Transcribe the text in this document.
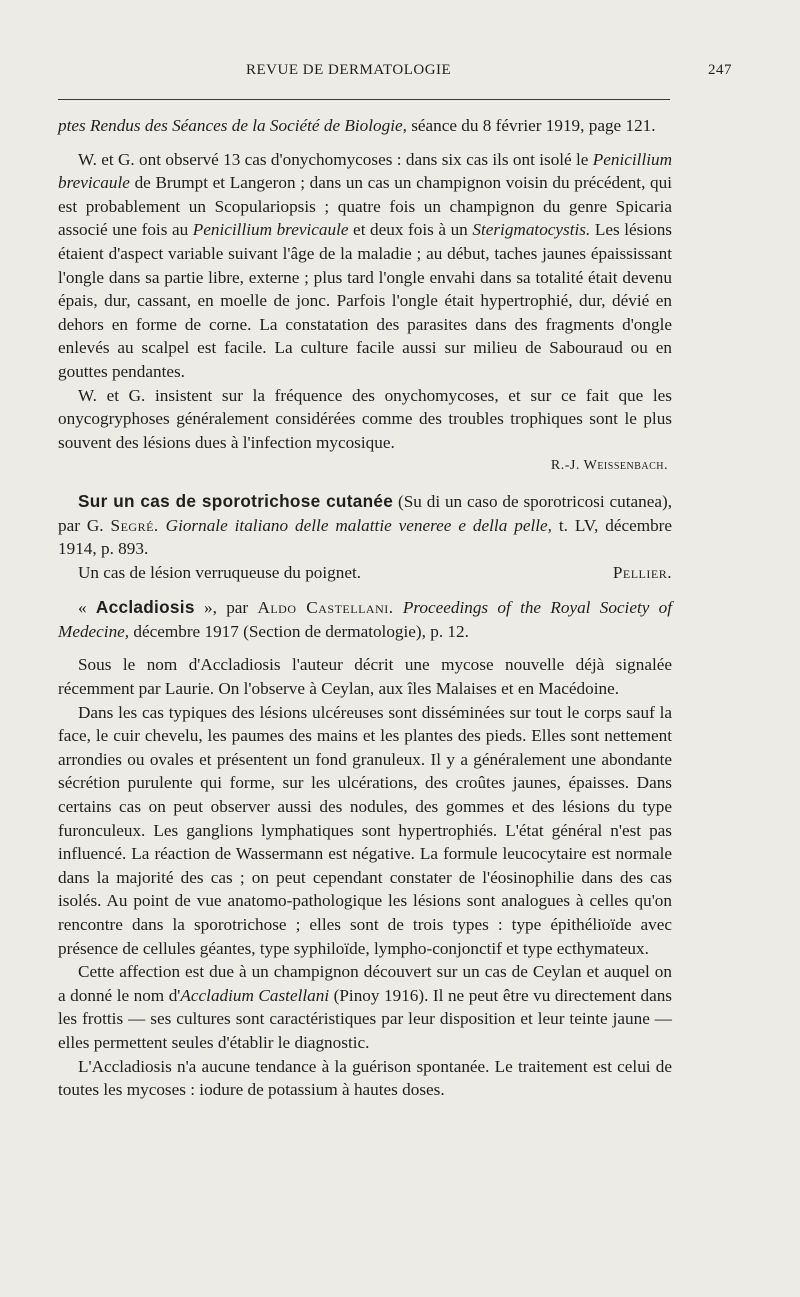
REVUE DE DERMATOLOGIE	247

ptes Rendus des Séances de la Société de Biologie, séance du 8 février 1919, page 121.

W. et G. ont observé 13 cas d'onychomycoses : dans six cas ils ont isolé le Penicillium brevicaule de Brumpt et Langeron ; dans un cas un champignon voisin du précédent, qui est probablement un Scopulariopsis ; quatre fois un champignon du genre Spicaria associé une fois au Penicillium brevicaule et deux fois à un Sterigmatocystis. Les lésions étaient d'aspect variable suivant l'âge de la maladie ; au début, taches jaunes épaississant l'ongle dans sa partie libre, externe ; plus tard l'ongle envahi dans sa totalité était devenu épais, dur, cassant, en moelle de jonc. Parfois l'ongle était hypertrophié, dur, dévié en dehors en forme de corne. La constatation des parasites dans des fragments d'ongle enlevés au scalpel est facile. La culture facile aussi sur milieu de Sabouraud ou en gouttes pendantes.

W. et G. insistent sur la fréquence des onychomycoses, et sur ce fait que les onycogryphoses généralement considérées comme des troubles trophiques sont le plus souvent des lésions dues à l'infection mycosique.

R.-J. Weissenbach.

Sur un cas de sporotrichose cutanée (Su di un caso de sporotricosi cutanea), par G. Segré. Giornale italiano delle malattie veneree e della pelle, t. LV, décembre 1914, p. 893.

Un cas de lésion verruqueuse du poignet.	Pellier.

« Accladiosis », par Aldo Castellani. Proceedings of the Royal Society of Medecine, décembre 1917 (Section de dermatologie), p. 12.

Sous le nom d'Accladiosis l'auteur décrit une mycose nouvelle déjà signalée récemment par Laurie. On l'observe à Ceylan, aux îles Malaises et en Macédoine.

Dans les cas typiques des lésions ulcéreuses sont disséminées sur tout le corps sauf la face, le cuir chevelu, les paumes des mains et les plantes des pieds. Elles sont nettement arrondies ou ovales et présentent un fond granuleux. Il y a généralement une abondante sécrétion purulente qui forme, sur les ulcérations, des croûtes jaunes, épaisses. Dans certains cas on peut observer aussi des nodules, des gommes et des lésions du type furonculeux. Les ganglions lymphatiques sont hypertrophiés. L'état général n'est pas influencé. La réaction de Wassermann est négative. La formule leucocytaire est normale dans la majorité des cas ; on peut cependant constater de l'éosinophilie dans des cas isolés. Au point de vue anatomo-pathologique les lésions sont analogues à celles qu'on rencontre dans la sporotrichose ; elles sont de trois types : type épithélioïde avec présence de cellules géantes, type syphiloïde, lympho-conjonctif et type ecthymateux.

Cette affection est due à un champignon découvert sur un cas de Ceylan et auquel on a donné le nom d'Accladium Castellani (Pinoy 1916). Il ne peut être vu directement dans les frottis — ses cultures sont caractéristiques par leur disposition et leur teinte jaune — elles permettent seules d'établir le diagnostic.

L'Accladiosis n'a aucune tendance à la guérison spontanée. Le traitement est celui de toutes les mycoses : iodure de potassium à hautes doses.
